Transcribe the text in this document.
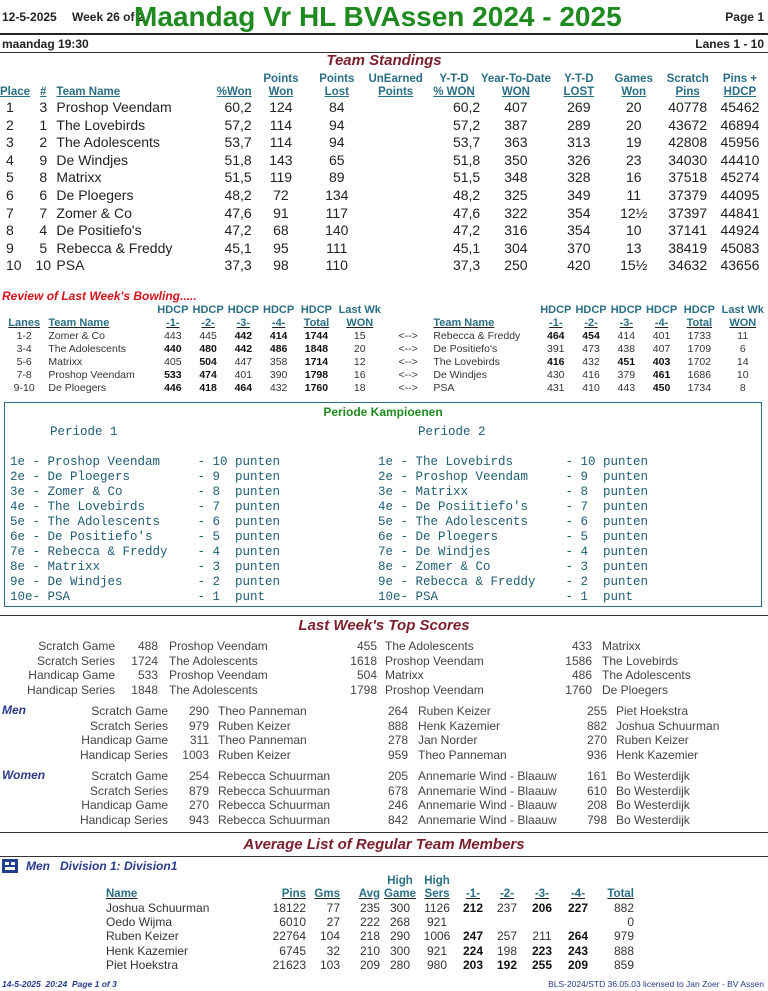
12-5-2025 Week 26 of 2
Maandag Vr HL BVAssen 2024 - 2025	Page 1
maandag 19:30	Lanes 1 - 10
Team Standings
				Points	Points	UnEarned	Y-T-D	Year-To-Date	Y-T-D	Games	Scratch	Pins +
Place	#	Team Name	%Won	Won	Lost	Points	% WON	WON	LOST	Won	Pins	HDCP
1	3	Proshop Veendam	60,2	124	84		60,2	407	269	20	40778	45462
2	1	The Lovebirds	57,2	114	94		57,2	387	289	20	43672	46894
3	2	The Adolescents	53,7	114	94		53,7	363	313	19	42808	45956
4	9	De Windjes	51,8	143	65		51,8	350	326	23	34030	44410
5	8	Matrixx	51,5	119	89		51,5	348	328	16	37518	45274
6	6	De Ploegers	48,2	72	134		48,2	325	349	11	37379	44095
7	7	Zomer & Co	47,6	91	117		47,6	322	354	12½	37397	44841
8	4	De Positiefo's	47,2	68	140		47,2	316	354	10	37141	44924
9	5	Rebecca & Freddy	45,1	95	111		45,1	304	370	13	38419	45083
10	10	PSA	37,3	98	110		37,3	250	420	15½	34632	43656
Review of Last Week's Bowling.....
		HDCP	HDCP	HDCP	HDCP	HDCP	Last Wk			HDCP	HDCP	HDCP	HDCP	HDCP	Last Wk
Lanes	Team Name	-1-	-2-	-3-	-4-	Total	WON		Team Name	-1-	-2-	-3-	-4-	Total	WON
1-2	Zomer & Co	443	445	442	414	1744	15	<-->	Rebecca & Freddy	464	454	414	401	1733	11
3-4	The Adolescents	440	480	442	486	1848	20	<-->	De Positiefo's	391	473	438	407	1709	6
5-6	Matrixx	405	504	447	358	1714	12	<-->	The Lovebirds	416	432	451	403	1702	14
7-8	Proshop Veendam	533	474	401	390	1798	16	<-->	De Windjes	430	416	379	461	1686	10
9-10	De Ploegers	446	418	464	432	1760	18	<-->	PSA	431	410	443	450	1734	8
Periode Kampioenen
Periode 1	Periode 2
1e - Proshop Veendam     - 10 punten
2e - De Ploegers         - 9  punten
3e - Zomer & Co          - 8  punten
4e - The Lovebirds       - 7  punten
5e - The Adolescents     - 6  punten
6e - De Positiefo's      - 5  punten
7e - Rebecca & Freddy    - 4  punten
8e - Matrixx             - 3  punten
9e - De Windjes          - 2  punten
10e- PSA                 - 1  punt
1e - The Lovebirds       - 10 punten
2e - Proshop Veendam     - 9  punten
3e - Matrixx             - 8  punten
4e - De Posiitiefo's     - 7  punten
5e - The Adolescents     - 6  punten
6e - De Ploegers         - 5  punten
7e - De Windjes          - 4  punten
8e - Zomer & Co          - 3  punten
9e - Rebecca & Freddy    - 2  punten
10e- PSA                 - 1  punt
Last Week's Top Scores
Scratch Game 488 Proshop Veendam	455 The Adolescents	433 Matrixx
Scratch Series 1724 The Adolescents	1618 Proshop Veendam	1586 The Lovebirds
Handicap Game 533 Proshop Veendam	504 Matrixx	486 The Adolescents
Handicap Series 1848 The Adolescents	1798 Proshop Veendam	1760 De Ploegers
Men	Scratch Game 290 Theo Panneman	264 Ruben Keizer	255 Piet Hoekstra
Scratch Series 979 Ruben Keizer	888 Henk Kazemier	882 Joshua Schuurman
Handicap Game 311 Theo Panneman	278 Jan Norder	270 Ruben Keizer
Handicap Series 1003 Ruben Keizer	959 Theo Panneman	936 Henk Kazemier
Women	Scratch Game 254 Rebecca Schuurman	205 Annemarie Wind - Blaauw	161 Bo Westerdijk
Scratch Series 879 Rebecca Schuurman	678 Annemarie Wind - Blaauw	610 Bo Westerdijk
Handicap Game 270 Rebecca Schuurman	246 Annemarie Wind - Blaauw	208 Bo Westerdijk
Handicap Series 943 Rebecca Schuurman	842 Annemarie Wind - Blaauw	798 Bo Westerdijk
Average List of Regular Team Members
Men   Division 1: Division1
				High	High					
Name	Pins	Gms	Avg	Game	Sers	-1-	-2-	-3-	-4-	Total
Joshua Schuurman	18122	77	235	300	1126	212	237	206	227	882
Oedo Wijma	6010	27	222	268	921					0
Ruben Keizer	22764	104	218	290	1006	247	257	211	264	979
Henk Kazemier	6745	32	210	300	921	224	198	223	243	888
Piet Hoekstra	21623	103	209	280	980	203	192	255	209	859
14-5-2025  20:24  Page 1 of 3	BLS-2024/STD 36.05.03 licensed to Jan Zoer - BV Assen
